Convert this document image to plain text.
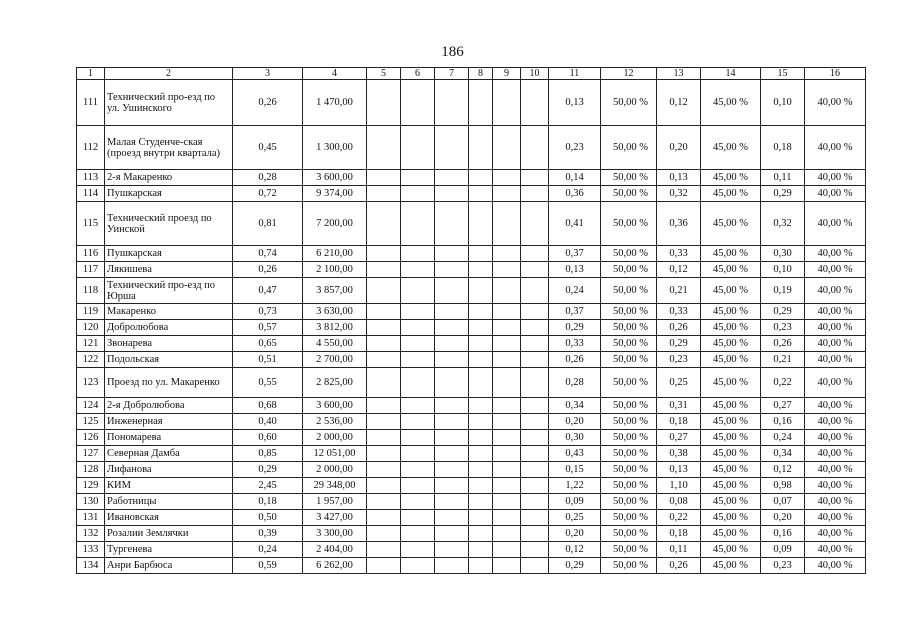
186
1	2	3	4	5	6	7	8	9	10	11	12	13	14	15	16
111	Технический про-езд по ул. Ушинского	0,26	1 470,00							0,13	50,00 %	0,12	45,00 %	0,10	40,00 %
112	Малая Студенче-ская (проезд внутри квартала)	0,45	1 300,00							0,23	50,00 %	0,20	45,00 %	0,18	40,00 %
113	2-я Макаренко	0,28	3 600,00							0,14	50,00 %	0,13	45,00 %	0,11	40,00 %
114	Пушкарская	0,72	9 374,00							0,36	50,00 %	0,32	45,00 %	0,29	40,00 %
115	Технический проезд по Уинской	0,81	7 200,00							0,41	50,00 %	0,36	45,00 %	0,32	40,00 %
116	Пушкарская	0,74	6 210,00							0,37	50,00 %	0,33	45,00 %	0,30	40,00 %
117	Лякишева	0,26	2 100,00							0,13	50,00 %	0,12	45,00 %	0,10	40,00 %
118	Технический про-езд по Юрша	0,47	3 857,00							0,24	50,00 %	0,21	45,00 %	0,19	40,00 %
119	Макаренко	0,73	3 630,00							0,37	50,00 %	0,33	45,00 %	0,29	40,00 %
120	Добролюбова	0,57	3 812,00							0,29	50,00 %	0,26	45,00 %	0,23	40,00 %
121	Звонарева	0,65	4 550,00							0,33	50,00 %	0,29	45,00 %	0,26	40,00 %
122	Подольская	0,51	2 700,00							0,26	50,00 %	0,23	45,00 %	0,21	40,00 %
123	Проезд по ул. Макаренко	0,55	2 825,00							0,28	50,00 %	0,25	45,00 %	0,22	40,00 %
124	2-я Добролюбова	0,68	3 600,00							0,34	50,00 %	0,31	45,00 %	0,27	40,00 %
125	Инженерная	0,40	2 536,00							0,20	50,00 %	0,18	45,00 %	0,16	40,00 %
126	Пономарева	0,60	2 000,00							0,30	50,00 %	0,27	45,00 %	0,24	40,00 %
127	Северная Дамба	0,85	12 051,00							0,43	50,00 %	0,38	45,00 %	0,34	40,00 %
128	Лифанова	0,29	2 000,00							0,15	50,00 %	0,13	45,00 %	0,12	40,00 %
129	КИМ	2,45	29 348,00							1,22	50,00 %	1,10	45,00 %	0,98	40,00 %
130	Работницы	0,18	1 957,00							0,09	50,00 %	0,08	45,00 %	0,07	40,00 %
131	Ивановская	0,50	3 427,00							0,25	50,00 %	0,22	45,00 %	0,20	40,00 %
132	Розалии Землячки	0,39	3 300,00							0,20	50,00 %	0,18	45,00 %	0,16	40,00 %
133	Тургенева	0,24	2 404,00							0,12	50,00 %	0,11	45,00 %	0,09	40,00 %
134	Анри Барбюса	0,59	6 262,00							0,29	50,00 %	0,26	45,00 %	0,23	40,00 %
